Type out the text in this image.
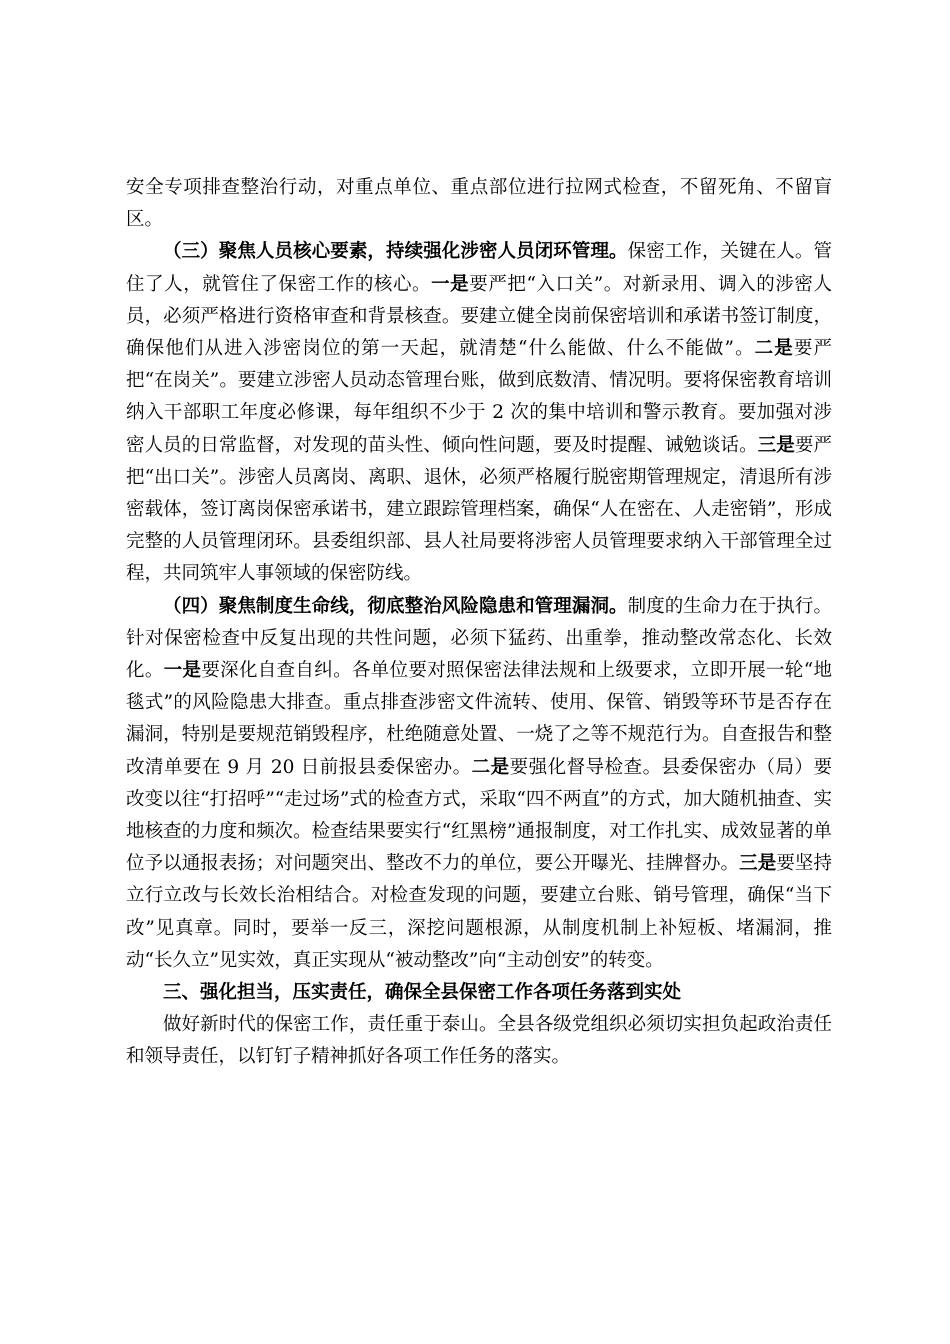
安全专项排查整治行动，对重点单位、重点部位进行拉网式检查，不留死角、不留盲区。

（三）聚焦人员核心要素，持续强化涉密人员闭环管理。保密工作，关键在人。管住了人，就管住了保密工作的核心。一是要严把“入口关”。对新录用、调入的涉密人员，必须严格进行资格审查和背景核查。要建立健全岗前保密培训和承诺书签订制度，确保他们从进入涉密岗位的第一天起，就清楚“什么能做、什么不能做”。二是要严把“在岗关”。要建立涉密人员动态管理台账，做到底数清、情况明。要将保密教育培训纳入干部职工年度必修课，每年组织不少于 2 次的集中培训和警示教育。要加强对涉密人员的日常监督，对发现的苗头性、倾向性问题，要及时提醒、诫勉谈话。三是要严把“出口关”。涉密人员离岗、离职、退休，必须严格履行脱密期管理规定，清退所有涉密载体，签订离岗保密承诺书，建立跟踪管理档案，确保“人在密在、人走密销”，形成完整的人员管理闭环。县委组织部、县人社局要将涉密人员管理要求纳入干部管理全过程，共同筑牢人事领域的保密防线。

（四）聚焦制度生命线，彻底整治风险隐患和管理漏洞。制度的生命力在于执行。针对保密检查中反复出现的共性问题，必须下猛药、出重拳，推动整改常态化、长效化。一是要深化自查自纠。各单位要对照保密法律法规和上级要求，立即开展一轮“地毯式”的风险隐患大排查。重点排查涉密文件流转、使用、保管、销毁等环节是否存在漏洞，特别是要规范销毁程序，杜绝随意处置、一烧了之等不规范行为。自查报告和整改清单要在 9 月 20 日前报县委保密办。二是要强化督导检查。县委保密办（局）要改变以往“打招呼”“走过场”式的检查方式，采取“四不两直”的方式，加大随机抽查、实地核查的力度和频次。检查结果要实行“红黑榜”通报制度，对工作扎实、成效显著的单位予以通报表扬；对问题突出、整改不力的单位，要公开曝光、挂牌督办。三是要坚持立行立改与长效长治相结合。对检查发现的问题，要建立台账、销号管理，确保“当下改”见真章。同时，要举一反三，深挖问题根源，从制度机制上补短板、堵漏洞，推动“长久立”见实效，真正实现从“被动整改”向“主动创安”的转变。

三、强化担当，压实责任，确保全县保密工作各项任务落到实处

做好新时代的保密工作，责任重于泰山。全县各级党组织必须切实担负起政治责任和领导责任，以钉钉子精神抓好各项工作任务的落实。
